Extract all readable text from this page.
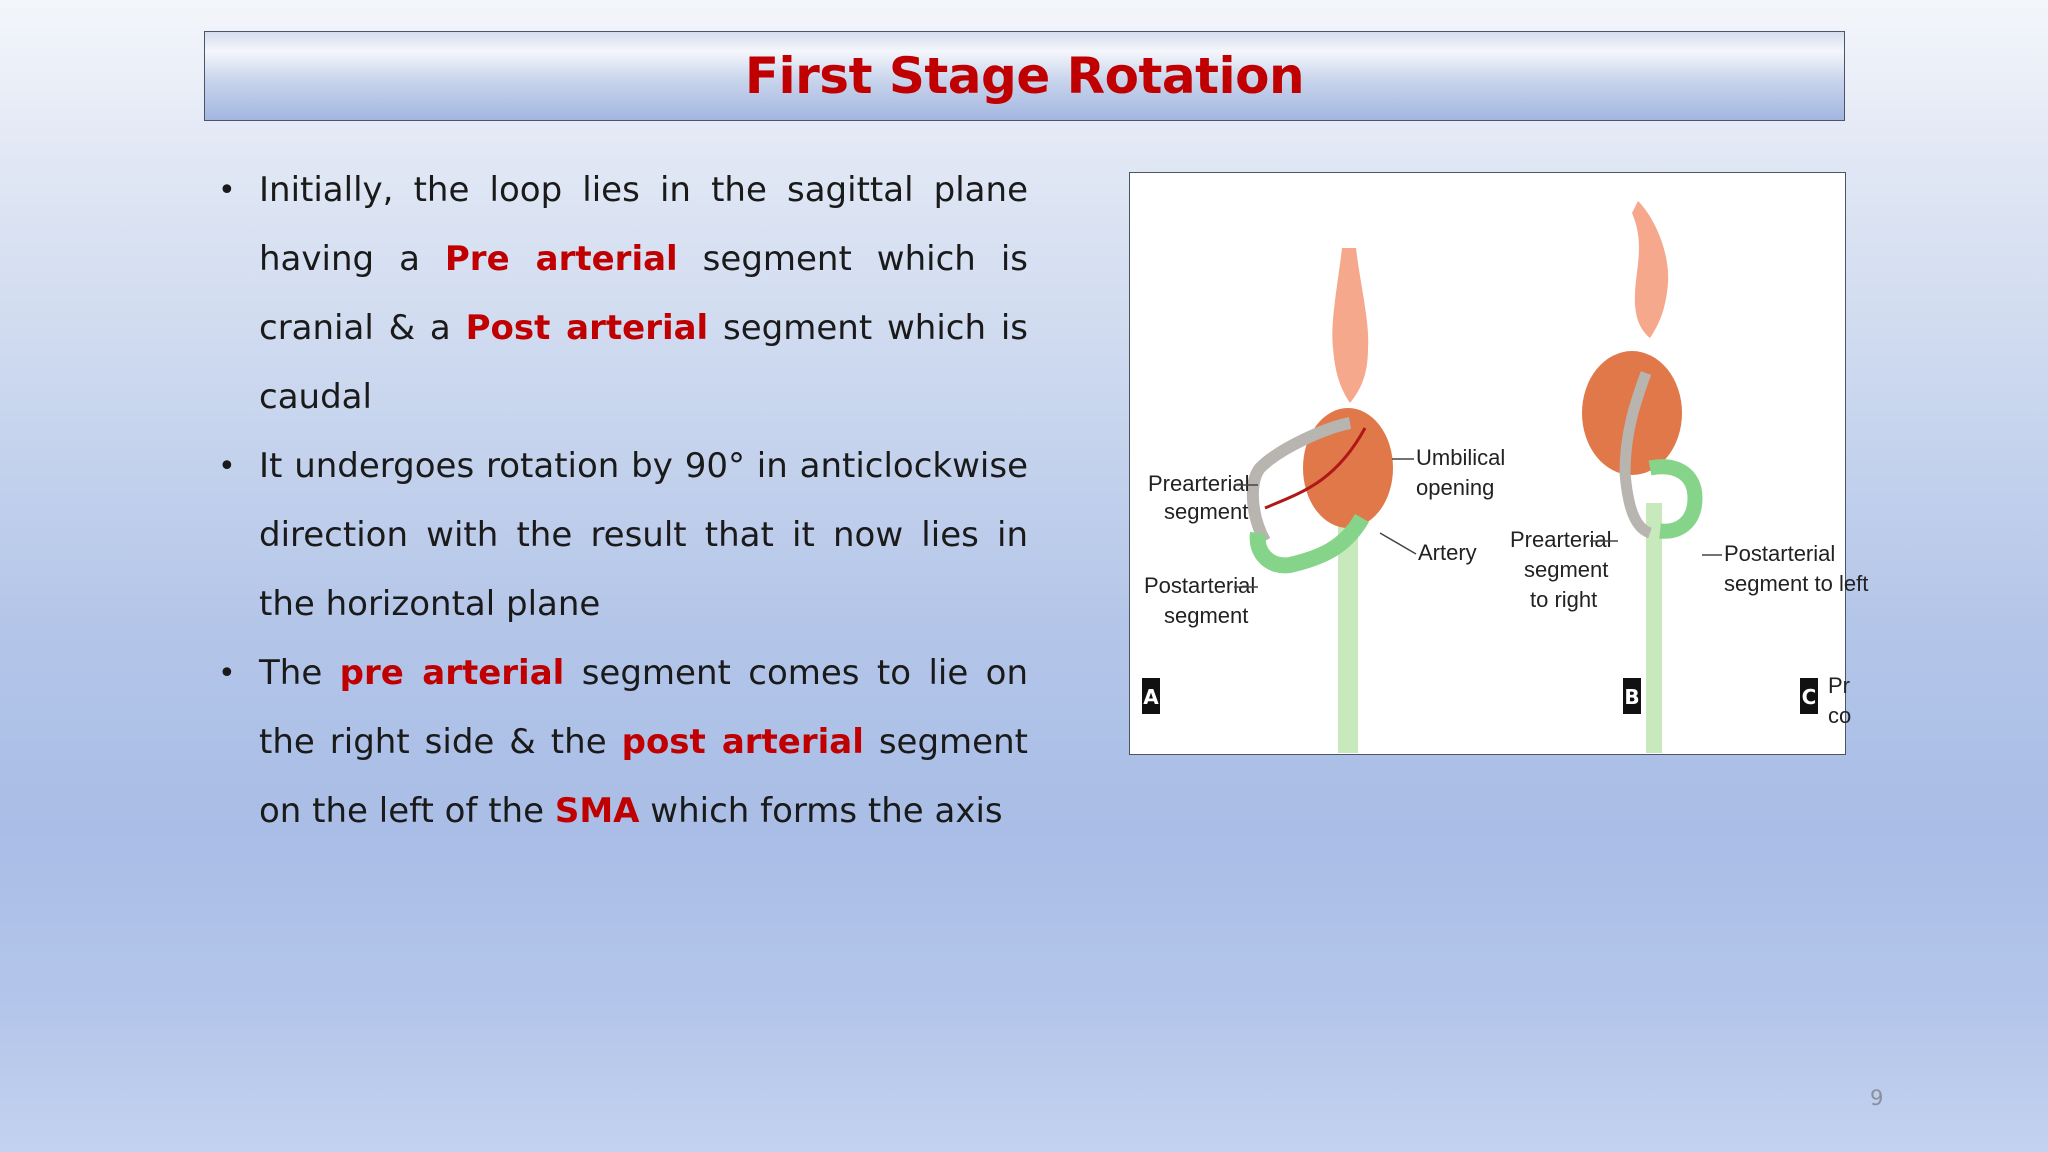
First Stage Rotation
• Initially, the loop lies in the sagittal plane having a Pre arterial segment which is cranial & a Post arterial segment which is caudal
• It undergoes rotation by 90° in anticlockwise direction with the result that it now lies in the horizontal plane
• The pre arterial segment comes to lie on the right side & the post arterial segment on the left of the SMA which forms the axis
Prearterial
segment
Postarterial
segment
Umbilical
opening
Artery
Prearterial
segment
to right
Postarterial
segment to left
Pr
co
A	B	C
9
